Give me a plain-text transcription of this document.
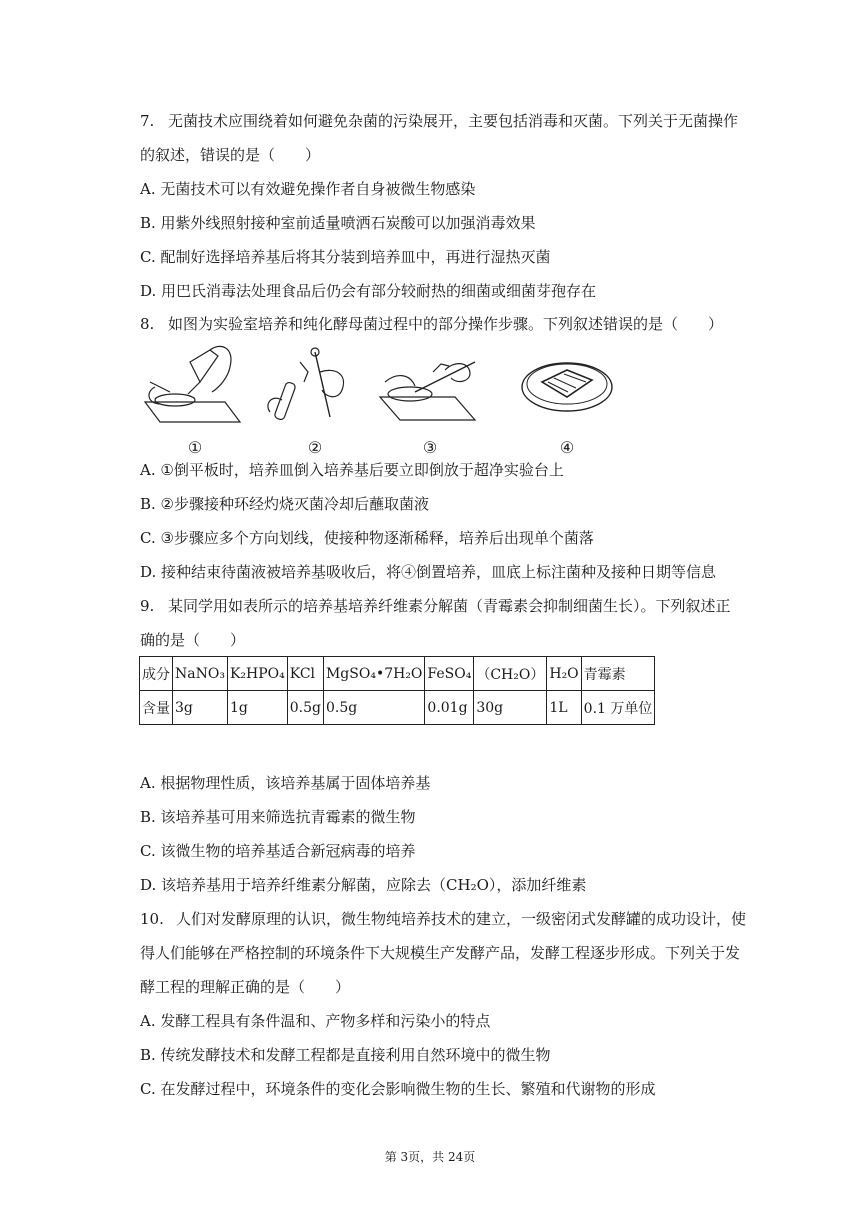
7. 无菌技术应围绕着如何避免杂菌的污染展开，主要包括消毒和灭菌。下列关于无菌操作
的叙述，错误的是（　　）
A. 无菌技术可以有效避免操作者自身被微生物感染
B. 用紫外线照射接种室前适量喷洒石炭酸可以加强消毒效果
C. 配制好选择培养基后将其分装到培养皿中，再进行湿热灭菌
D. 用巴氏消毒法处理食品后仍会有部分较耐热的细菌或细菌芽孢存在
8. 如图为实验室培养和纯化酵母菌过程中的部分操作步骤。下列叙述错误的是（　　）
①	②	③	④
A. ①倒平板时，培养皿倒入培养基后要立即倒放于超净实验台上
B. ②步骤接种环经灼烧灭菌冷却后蘸取菌液
C. ③步骤应多个方向划线，使接种物逐渐稀释，培养后出现单个菌落
D. 接种结束待菌液被培养基吸收后，将④倒置培养，皿底上标注菌种及接种日期等信息
9. 某同学用如表所示的培养基培养纤维素分解菌（青霉素会抑制细菌生长）。下列叙述正
确的是（　　）
成分	NaNO₃	K₂HPO₄	KCl	MgSO₄•7H₂O	FeSO₄	（CH₂O）	H₂O	青霉素
含量	3g	1g	0.5g	0.5g	0.01g	30g	1L	0.1 万单位
A. 根据物理性质，该培养基属于固体培养基
B. 该培养基可用来筛选抗青霉素的微生物
C. 该微生物的培养基适合新冠病毒的培养
D. 该培养基用于培养纤维素分解菌，应除去（CH₂O），添加纤维素
10. 人们对发酵原理的认识，微生物纯培养技术的建立，一级密闭式发酵罐的成功设计，使
得人们能够在严格控制的环境条件下大规模生产发酵产品，发酵工程逐步形成。下列关于发
酵工程的理解正确的是（　　）
A. 发酵工程具有条件温和、产物多样和污染小的特点
B. 传统发酵技术和发酵工程都是直接利用自然环境中的微生物
C. 在发酵过程中，环境条件的变化会影响微生物的生长、繁殖和代谢物的形成
第 3页，共 24页
